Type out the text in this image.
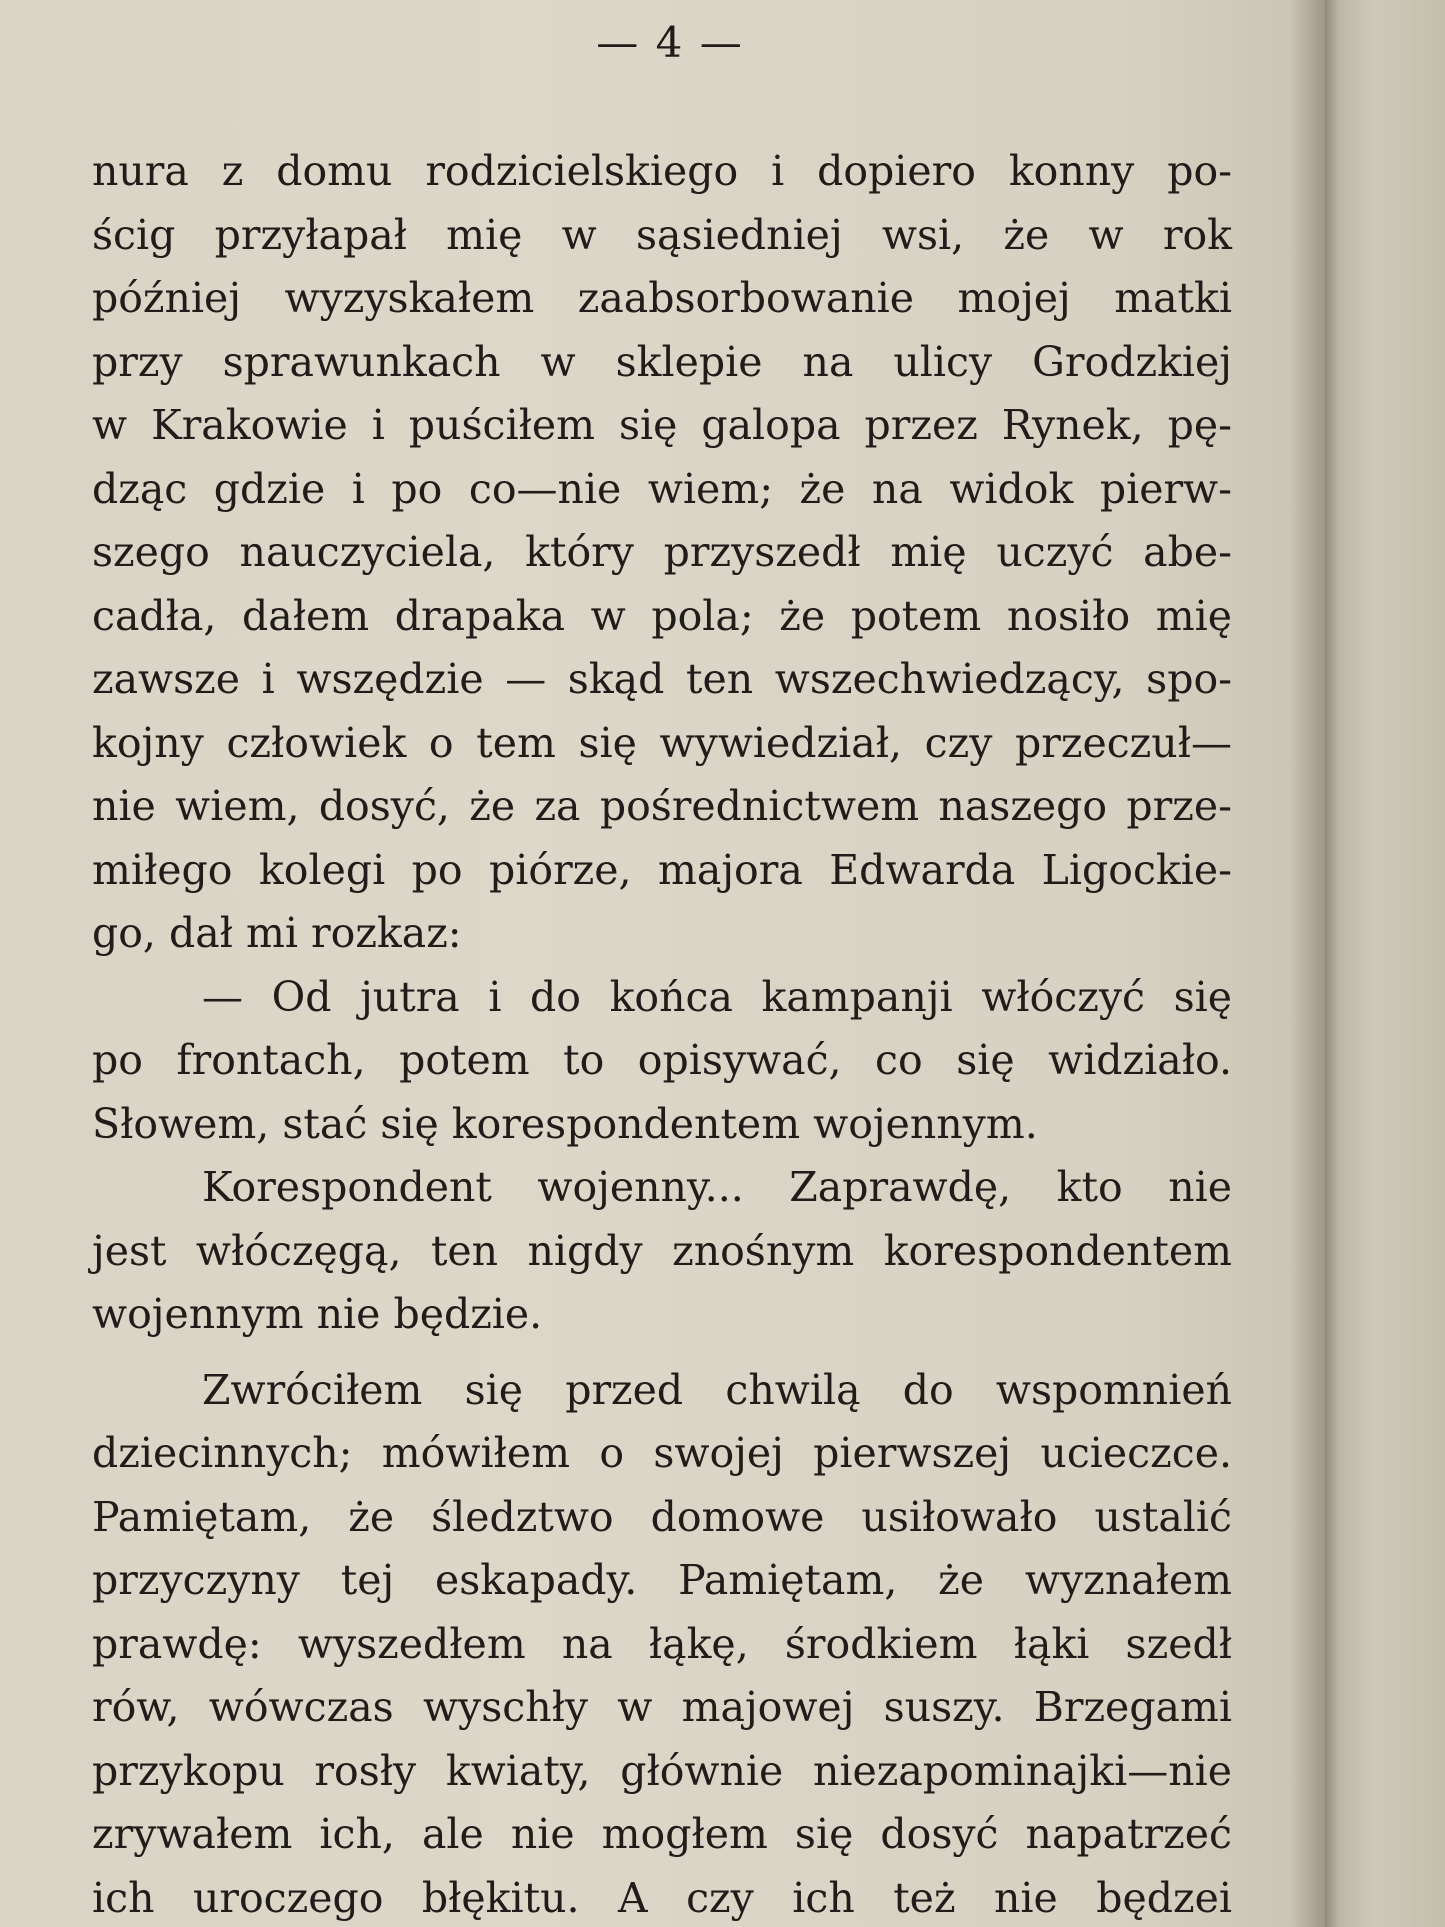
— 4 —
nura z domu rodzicielskiego i dopiero konny po-
ścig przyłapał mię w sąsiedniej wsi, że w rok
później wyzyskałem zaabsorbowanie mojej matki
przy sprawunkach w sklepie na ulicy Grodzkiej
w Krakowie i puściłem się galopa przez Rynek, pę-
dząc gdzie i po co—nie wiem; że na widok pierw-
szego nauczyciela, który przyszedł mię uczyć abe-
cadła, dałem drapaka w pola; że potem nosiło mię
zawsze i wszędzie — skąd ten wszechwiedzący, spo-
kojny człowiek o tem się wywiedział, czy przeczuł—
nie wiem, dosyć, że za pośrednictwem naszego prze-
miłego kolegi po piórze, majora Edwarda Ligockie-
go, dał mi rozkaz:
— Od jutra i do końca kampanji włóczyć się
po frontach, potem to opisywać, co się widziało.
Słowem, stać się korespondentem wojennym.
Korespondent wojenny... Zaprawdę, kto nie
jest włóczęgą, ten nigdy znośnym korespondentem
wojennym nie będzie.
Zwróciłem się przed chwilą do wspomnień
dziecinnych; mówiłem o swojej pierwszej ucieczce.
Pamiętam, że śledztwo domowe usiłowało ustalić
przyczyny tej eskapady. Pamiętam, że wyznałem
prawdę: wyszedłem na łąkę, środkiem łąki szedł
rów, wówczas wyschły w majowej suszy. Brzegami
przykopu rosły kwiaty, głównie niezapominajki—nie
zrywałem ich, ale nie mogłem się dosyć napatrzeć
ich uroczego błękitu. A czy ich też nie będzei
